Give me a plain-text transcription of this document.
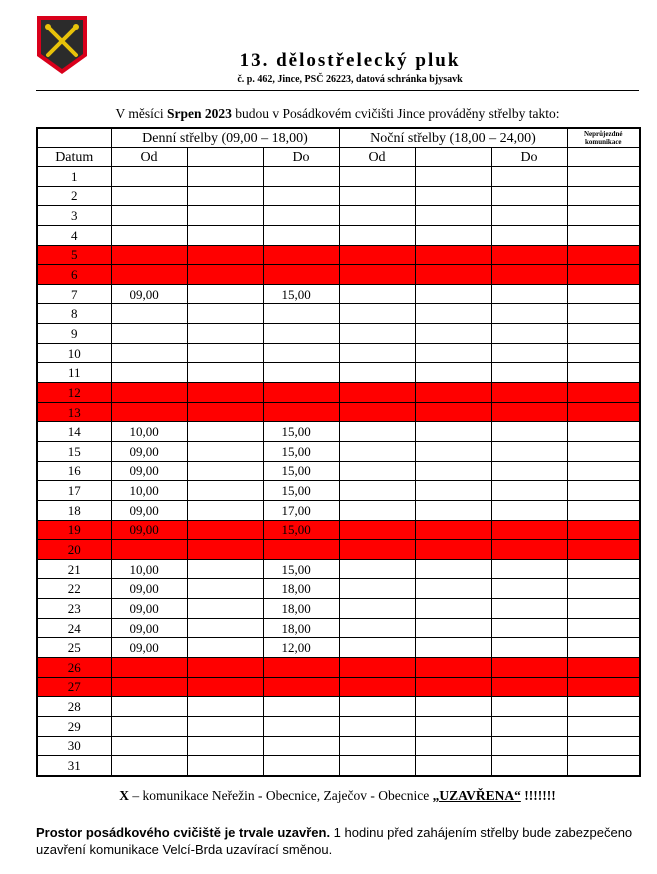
13. dělostřelecký pluk
č. p. 462, Jince, PSČ 26223, datová schránka bjysavk
V měsíci Srpen 2023 budou v Posádkovém cvičišti Jince prováděny střelby takto:
	Denní střelby (09,00 – 18,00)			Noční střelby (18,00 – 24,00)			Neprůjezdné komunikace
Datum	Od		Do	Od		Do	
1							
2							
3							
4							
5							
6							
7	09,00		15,00				
8							
9							
10							
11							
12							
13							
14	10,00		15,00				
15	09,00		15,00				
16	09,00		15,00				
17	10,00		15,00				
18	09,00		17,00				
19	09,00		15,00				
20							
21	10,00		15,00				
22	09,00		18,00				
23	09,00		18,00				
24	09,00		18,00				
25	09,00		12,00				
26							
27							
28							
29							
30							
31							
X – komunikace Neřežin - Obecnice, Zaječov - Obecnice „UZAVŘENA“ !!!!!!!
Prostor posádkového cvičiště je trvale uzavřen. 1 hodinu před zahájením střelby bude zabezpečeno uzavření komunikace Velcí-Brda uzavírací směnou.
